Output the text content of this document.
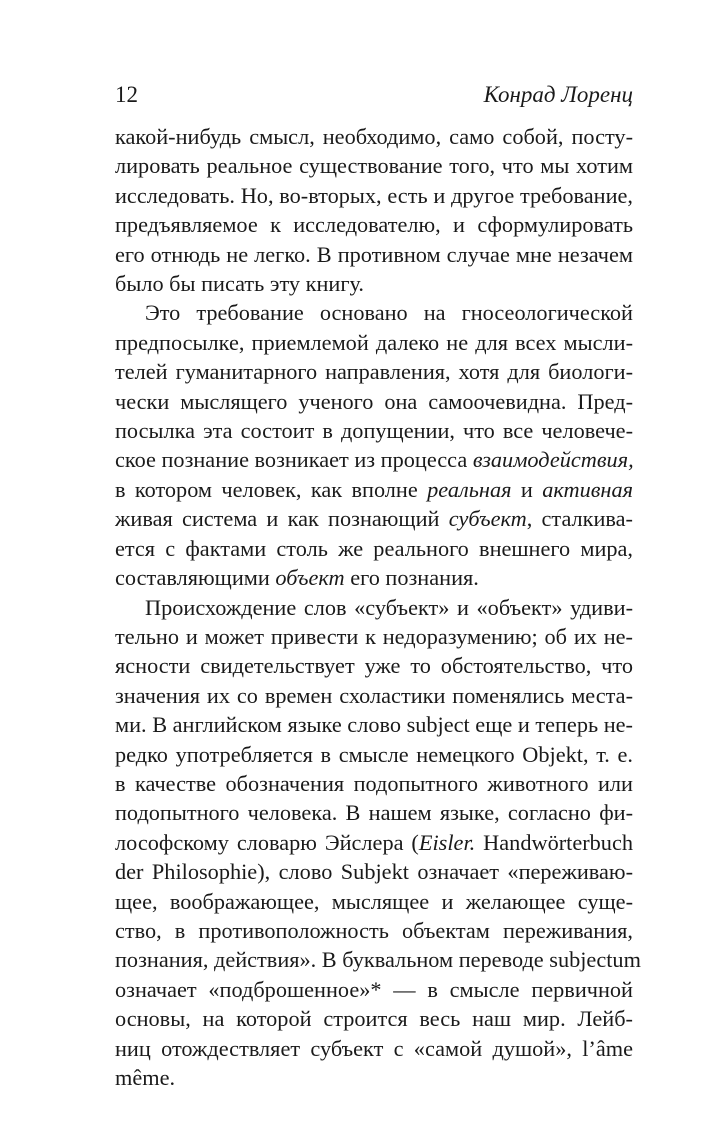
12	Конрад Лоренц

какой-нибудь смысл, необходимо, само собой, посту-
лировать реальное существование того, что мы хотим
исследовать. Но, во-вторых, есть и другое требование,
предъявляемое к исследователю, и сформулировать
его отнюдь не легко. В противном случае мне незачем
было бы писать эту книгу.

Это требование основано на гносеологической
предпосылке, приемлемой далеко не для всех мысли-
телей гуманитарного направления, хотя для биологи-
чески мыслящего ученого она самоочевидна. Пред-
посылка эта состоит в допущении, что все человече-
ское познание возникает из процесса взаимодействия,
в котором человек, как вполне реальная и активная
живая система и как познающий субъект, сталкива-
ется с фактами столь же реального внешнего мира,
составляющими объект его познания.

Происхождение слов «субъект» и «объект» удиви-
тельно и может привести к недоразумению; об их не-
ясности свидетельствует уже то обстоятельство, что
значения их со времен схоластики поменялись места-
ми. В английском языке слово subject еще и теперь не-
редко употребляется в смысле немецкого Objekt, т. е.
в качестве обозначения подопытного животного или
подопытного человека. В нашем языке, согласно фи-
лософскому словарю Эйслера (Eisler. Handwörterbuch
der Philosophie), слово Subjekt означает «переживаю-
щее, воображающее, мыслящее и желающее суще-
ство, в противоположность объектам переживания,
познания, действия». В буквальном переводе subjectum
означает «подброшенное»* — в смысле первичной
основы, на которой строится весь наш мир. Лейб-
ниц отождествляет субъект с «самой душой», l’âme
même.
